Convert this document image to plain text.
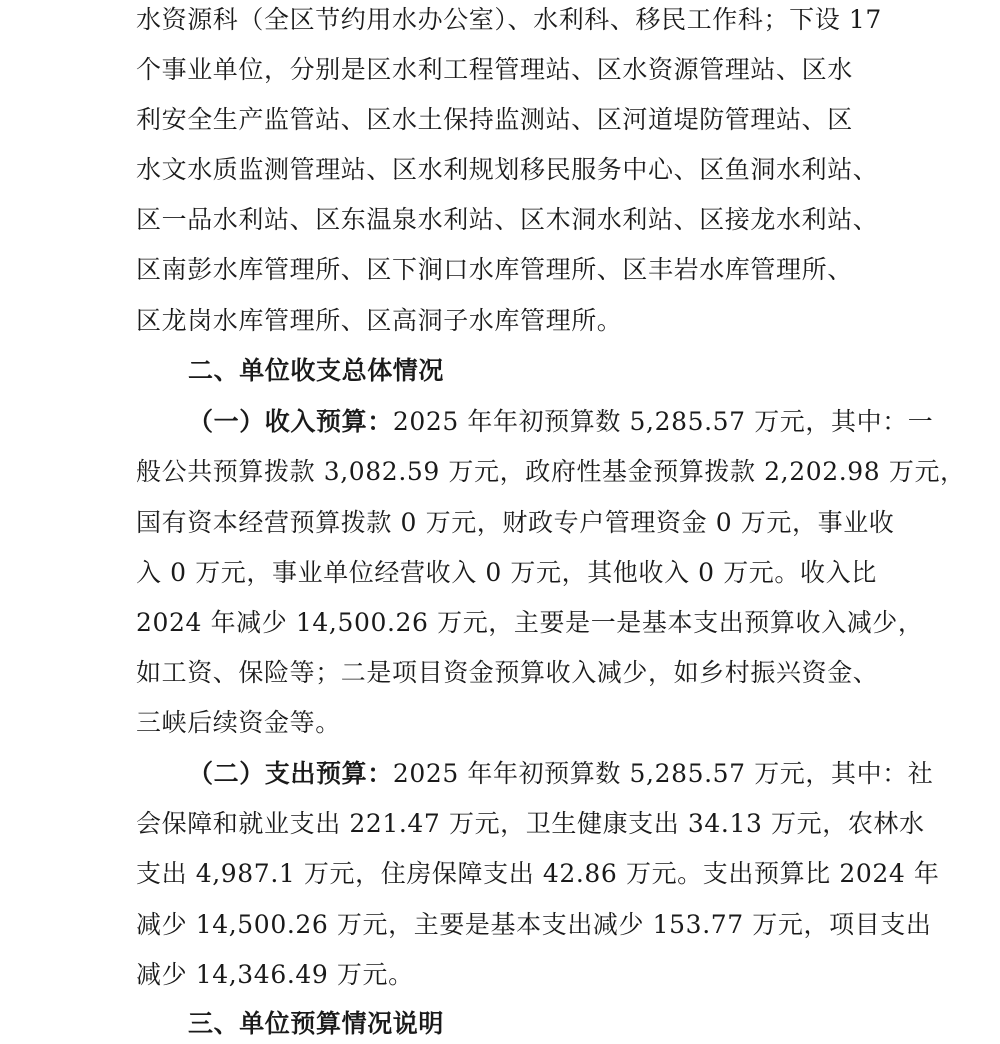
水资源科（全区节约用水办公室）、水利科、移民工作科；下设 17
个事业单位，分别是区水利工程管理站、区水资源管理站、区水
利安全生产监管站、区水土保持监测站、区河道堤防管理站、区
水文水质监测管理站、区水利规划移民服务中心、区鱼洞水利站、
区一品水利站、区东温泉水利站、区木洞水利站、区接龙水利站、
区南彭水库管理所、区下涧口水库管理所、区丰岩水库管理所、
区龙岗水库管理所、区高洞子水库管理所。
二、单位收支总体情况
（一）收入预算：2025 年年初预算数 5,285.57 万元，其中：一
般公共预算拨款 3,082.59 万元，政府性基金预算拨款 2,202.98 万元，
国有资本经营预算拨款 0 万元，财政专户管理资金 0 万元，事业收
入 0 万元，事业单位经营收入 0 万元，其他收入 0 万元。收入比
2024 年减少 14,500.26 万元，主要是一是基本支出预算收入减少，
如工资、保险等；二是项目资金预算收入减少，如乡村振兴资金、
三峡后续资金等。
（二）支出预算：2025 年年初预算数 5,285.57 万元，其中：社
会保障和就业支出 221.47 万元，卫生健康支出 34.13 万元，农林水
支出 4,987.1 万元，住房保障支出 42.86 万元。支出预算比 2024 年
减少 14,500.26 万元，主要是基本支出减少 153.77 万元，项目支出
减少 14,346.49 万元。
三、单位预算情况说明
